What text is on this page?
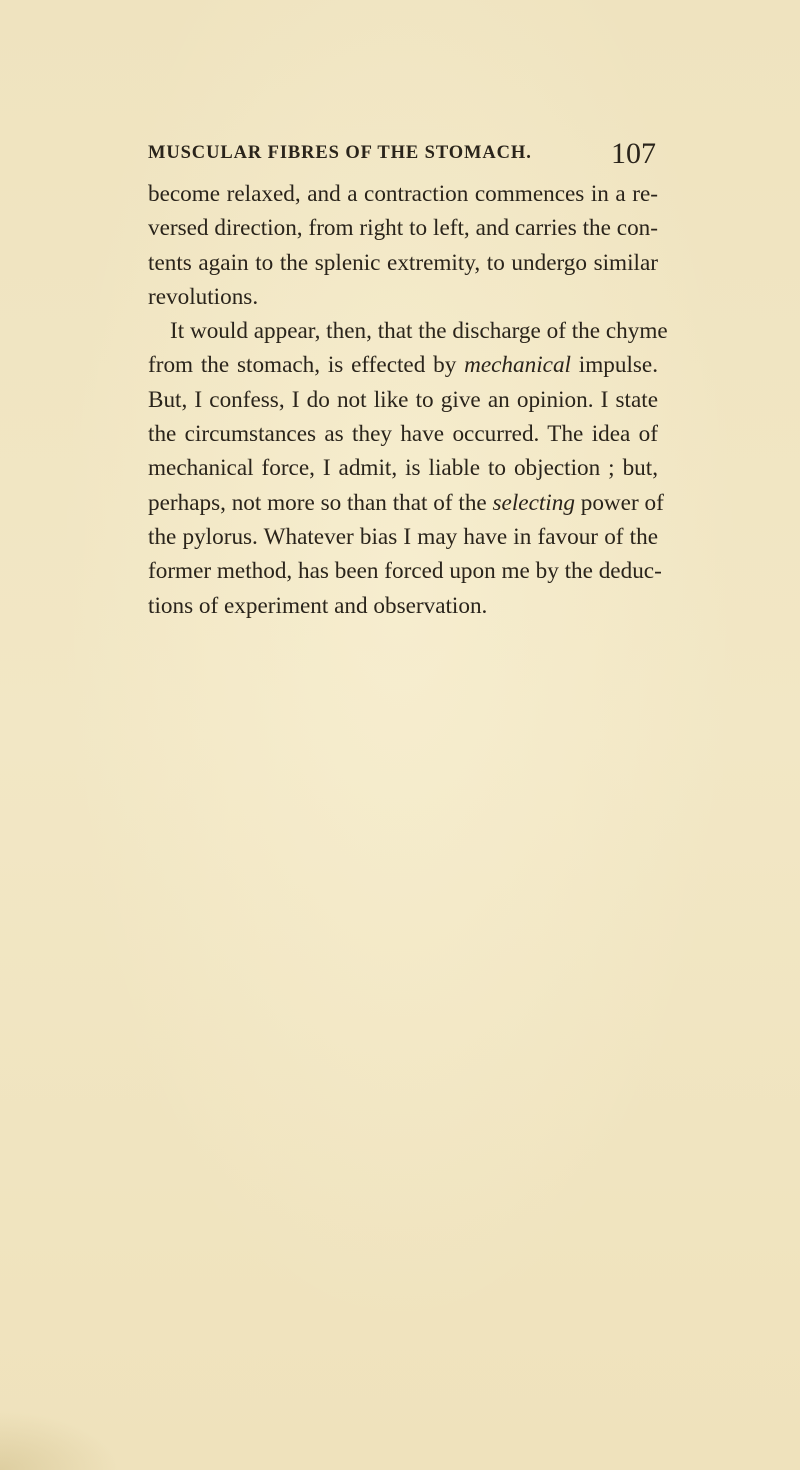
MUSCULAR FIBRES OF THE STOMACH.	107
become relaxed, and a contraction commences in a re-
versed direction, from right to left, and carries the con-
tents again to the splenic extremity, to undergo similar
revolutions.
It would appear, then, that the discharge of the chyme
from the stomach, is effected by mechanical impulse.
But, I confess, I do not like to give an opinion. I state
the circumstances as they have occurred. The idea of
mechanical force, I admit, is liable to objection ; but,
perhaps, not more so than that of the selecting power of
the pylorus. Whatever bias I may have in favour of the
former method, has been forced upon me by the deduc-
tions of experiment and observation.
